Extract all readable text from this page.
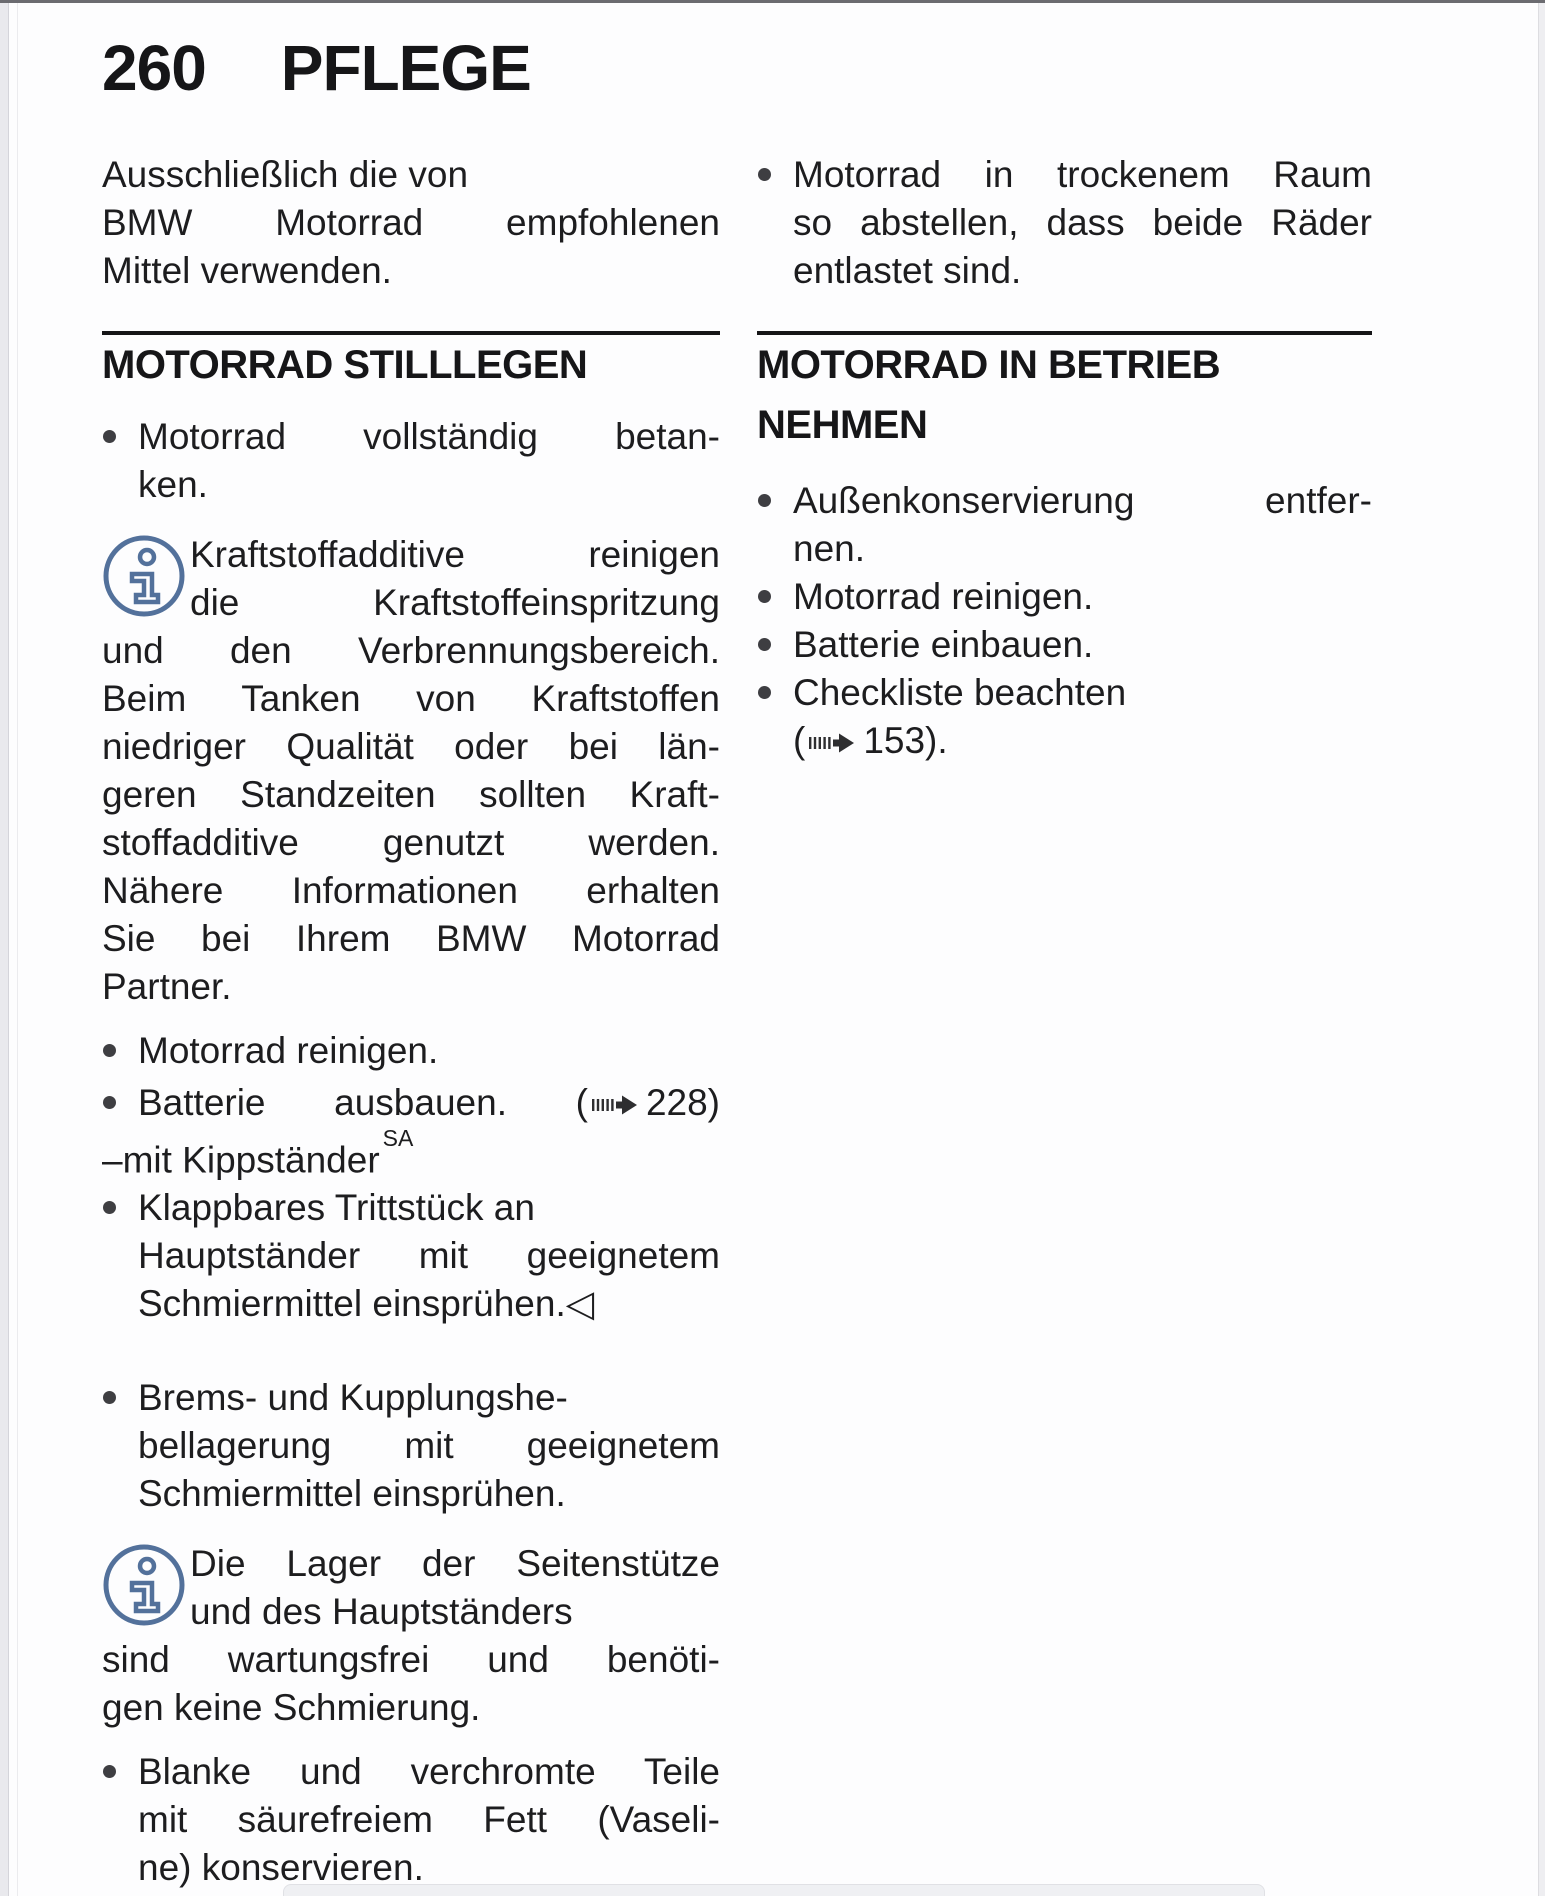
260 PFLEGE
Ausschließlich die von
BMW Motorrad empfohlenen
Mittel verwenden.
MOTORRAD STILLLEGEN
Motorrad vollständig betan-
ken.
Kraftstoffadditive reinigen
die Kraftstoffeinspritzung
und den Verbrennungsbereich.
Beim Tanken von Kraftstoffen
niedriger Qualität oder bei län-
geren Standzeiten sollten Kraft-
stoffadditive genutzt werden.
Nähere Informationen erhalten
Sie bei Ihrem BMW Motorrad
Partner.
Motorrad reinigen.
Batterie ausbauen. ( 228)
–mit Kippständer$^{SA}$
Klappbares Trittstück an
Hauptständer mit geeignetem
Schmiermittel einsprühen.◁
Brems- und Kupplungshe-
bellagerung mit geeignetem
Schmiermittel einsprühen.
Die Lager der Seitenstütze
und des Hauptständers
sind wartungsfrei und benöti-
gen keine Schmierung.
Blanke und verchromte Teile
mit säurefreiem Fett (Vaseli-
ne) konservieren.
Motorrad in trockenem Raum
so abstellen, dass beide Räder
entlastet sind.
MOTORRAD IN BETRIEB NEHMEN
Außenkonservierung entfer-
nen.
Motorrad reinigen.
Batterie einbauen.
Checkliste beachten
( 153).
